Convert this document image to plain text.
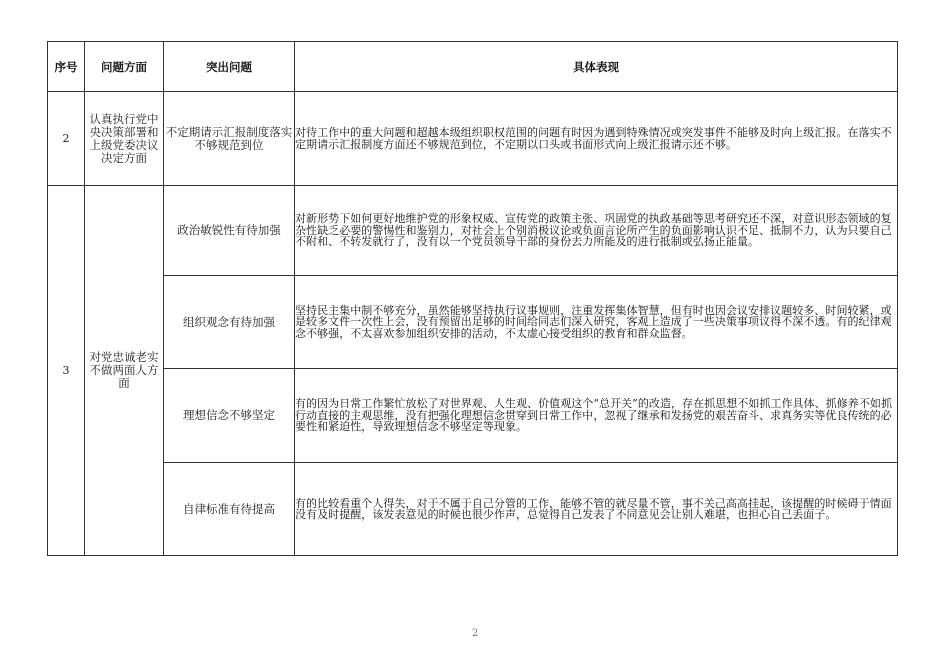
序号	问题方面	突出问题	具体表现
2	认真执行党中央决策部署和上级党委决议决定方面	不定期请示汇报制度落实不够规范到位	对待工作中的重大问题和超越本级组织职权范围的问题有时因为遇到特殊情况或突发事件不能够及时向上级汇报。在落实不定期请示汇报制度方面还不够规范到位，不定期以口头或书面形式向上级汇报请示还不够。
3	对党忠诚老实不做两面人方面	政治敏锐性有待加强	对新形势下如何更好地维护党的形象权威、宣传党的政策主张、巩固党的执政基础等思考研究还不深，对意识形态领域的复杂性缺乏必要的警惕性和鉴别力，对社会上个别消极议论或负面言论所产生的负面影响认识不足、抵制不力，认为只要自己不附和、不转发就行了，没有以一个党员领导干部的身份去力所能及的进行抵制或弘扬正能量。
		组织观念有待加强	坚持民主集中制不够充分，虽然能够坚持执行议事规则，注重发挥集体智慧，但有时也因会议安排议题较多、时间较紧，或是较多文件一次性上会，没有预留出足够的时间给同志们深入研究，客观上造成了一些决策事项议得不深不透。有的纪律观念不够强，不太喜欢参加组织安排的活动，不太虚心接受组织的教育和群众监督。
		理想信念不够坚定	有的因为日常工作繁忙放松了对世界观、人生观、价值观这个“总开关”的改造，存在抓思想不如抓工作具体、抓修养不如抓行动直接的主观思维，没有把强化理想信念贯穿到日常工作中，忽视了继承和发扬党的艰苦奋斗、求真务实等优良传统的必要性和紧迫性，导致理想信念不够坚定等现象。
		自律标准有待提高	有的比较看重个人得失，对于不属于自己分管的工作，能够不管的就尽量不管，事不关己高高挂起，该提醒的时候碍于情面没有及时提醒，该发表意见的时候也很少作声，总觉得自己发表了不同意见会让别人难堪，也担心自己丢面子。
2
